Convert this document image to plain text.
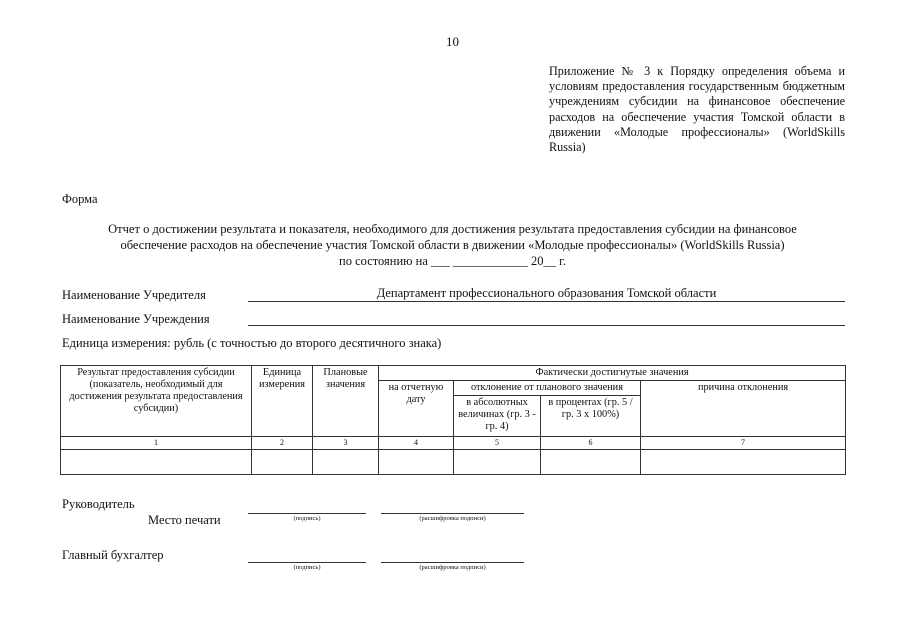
10
Приложение № 3 к Порядку определения объема и условиям предоставления государственным бюджетным учреждениям субсидии на финансовое обеспечение расходов на обеспечение участия Томской области в движении «Молодые профессионалы» (WorldSkills Russia)
Форма
Отчет о достижении результата и показателя, необходимого для достижения результата предоставления субсидии на финансовое
обеспечение расходов на обеспечение участия Томской области в движении «Молодые профессионалы» (WorldSkills Russia)
по состоянию на ___ ____________ 20__ г.
Наименование Учредителя	Департамент профессионального образования Томской области
Наименование Учреждения
Единица измерения: рубль (с точностью до второго десятичного знака)
Результат предоставления субсидии (показатель, необходимый для достижения результата предоставления субсидии)	Единица измерения	Плановые значения	Фактически достигнутые значения			
			на отчетную дату	отклонение от планового значения		причина отклонения
				в абсолютных величинах (гр. 3 - гр. 4)	в процентах (гр. 5 / гр. 3 х 100%)	
1	2	3	4	5	6	7

Руководитель
Место печати	(подпись)	(расшифровка подписи)
Главный бухгалтер
(подпись)	(расшифровка подписи)
